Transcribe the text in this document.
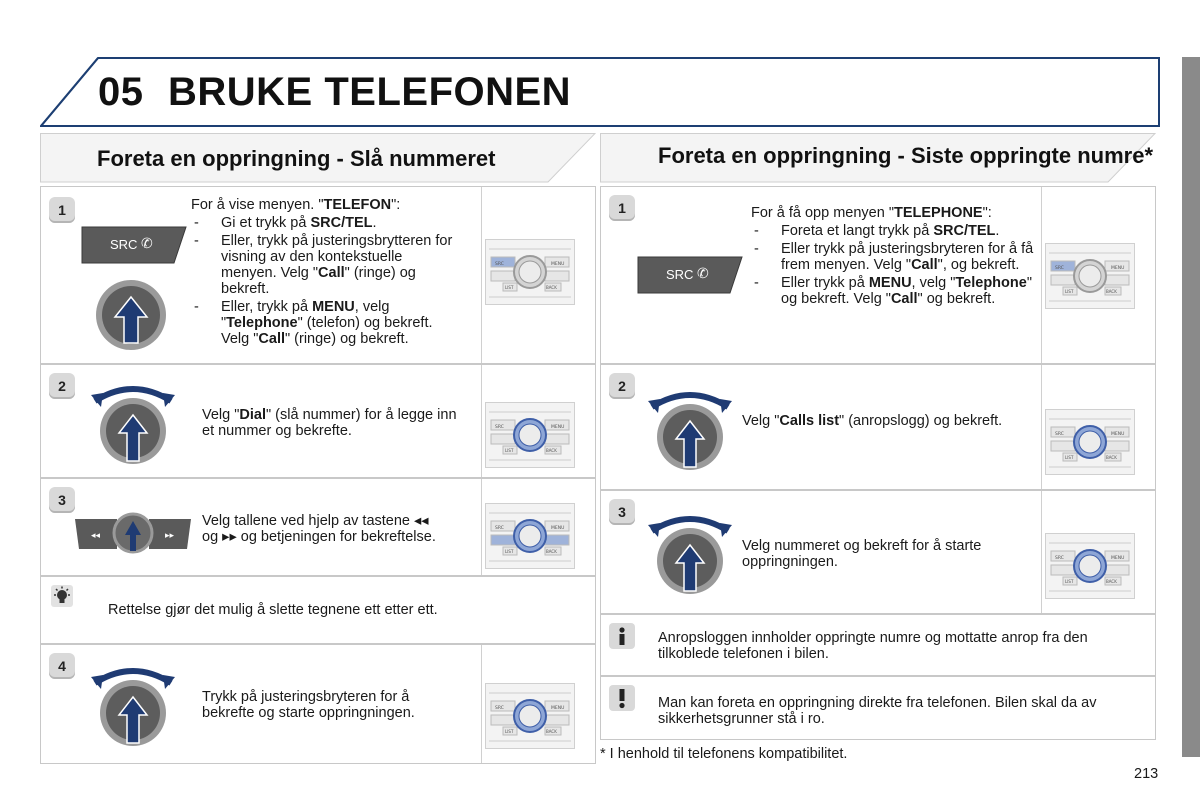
05 BRUKE TELEFONEN
Foreta en oppringning - Slå nummeret	Foreta en oppringning - Siste oppringte numre*
1
SRC ✆
For å vise menyen. "TELEFON":
- Gi et trykk på SRC/TEL.
- Eller, trykk på justeringsbrytteren for visning av den kontekstuelle menyen. Velg "Call" (ringe) og bekreft.
- Eller, trykk på MENU, velg "Telephone" (telefon) og bekreft. Velg "Call" (ringe) og bekreft.
SRC	MENU
LIST	BACK
2
Velg "Dial" (slå nummer) for å legge inn et nummer og bekrefte.	SRC	MENU
LIST	BACK
3
◂◂	▸▸
Velg tallene ved hjelp av tastene ◂◂
og ▸▸ og betjeningen for bekreftelse.
SRC	MENU
LIST	BACK
Rettelse gjør det mulig å slette tegnene ett etter ett.
4
Trykk på justeringsbryteren for å bekrefte og starte oppringningen.	SRC	MENU
LIST	BACK
1
SRC ✆
For å få opp menyen "TELEPHONE":
- Foreta et langt trykk på SRC/TEL.
- Eller trykk på justeringsbryteren for å få frem menyen. Velg "Call", og bekreft.
- Eller trykk på MENU, velg "Telephone" og bekreft. Velg "Call" og bekreft.
SRC	MENU
LIST	BACK
2
Velg "Calls list" (anropslogg) og bekreft.
SRC	MENU
LIST	BACK
3
Velg nummeret og bekreft for å starte oppringningen.	SRC	MENU
LIST	BACK
Anropsloggen innholder oppringte numre og mottatte anrop fra den tilkoblede telefonen i bilen.
Man kan foreta en oppringning direkte fra telefonen. Bilen skal da av sikkerhetsgrunner stå i ro.
* I henhold til telefonens kompatibilitet.
213
